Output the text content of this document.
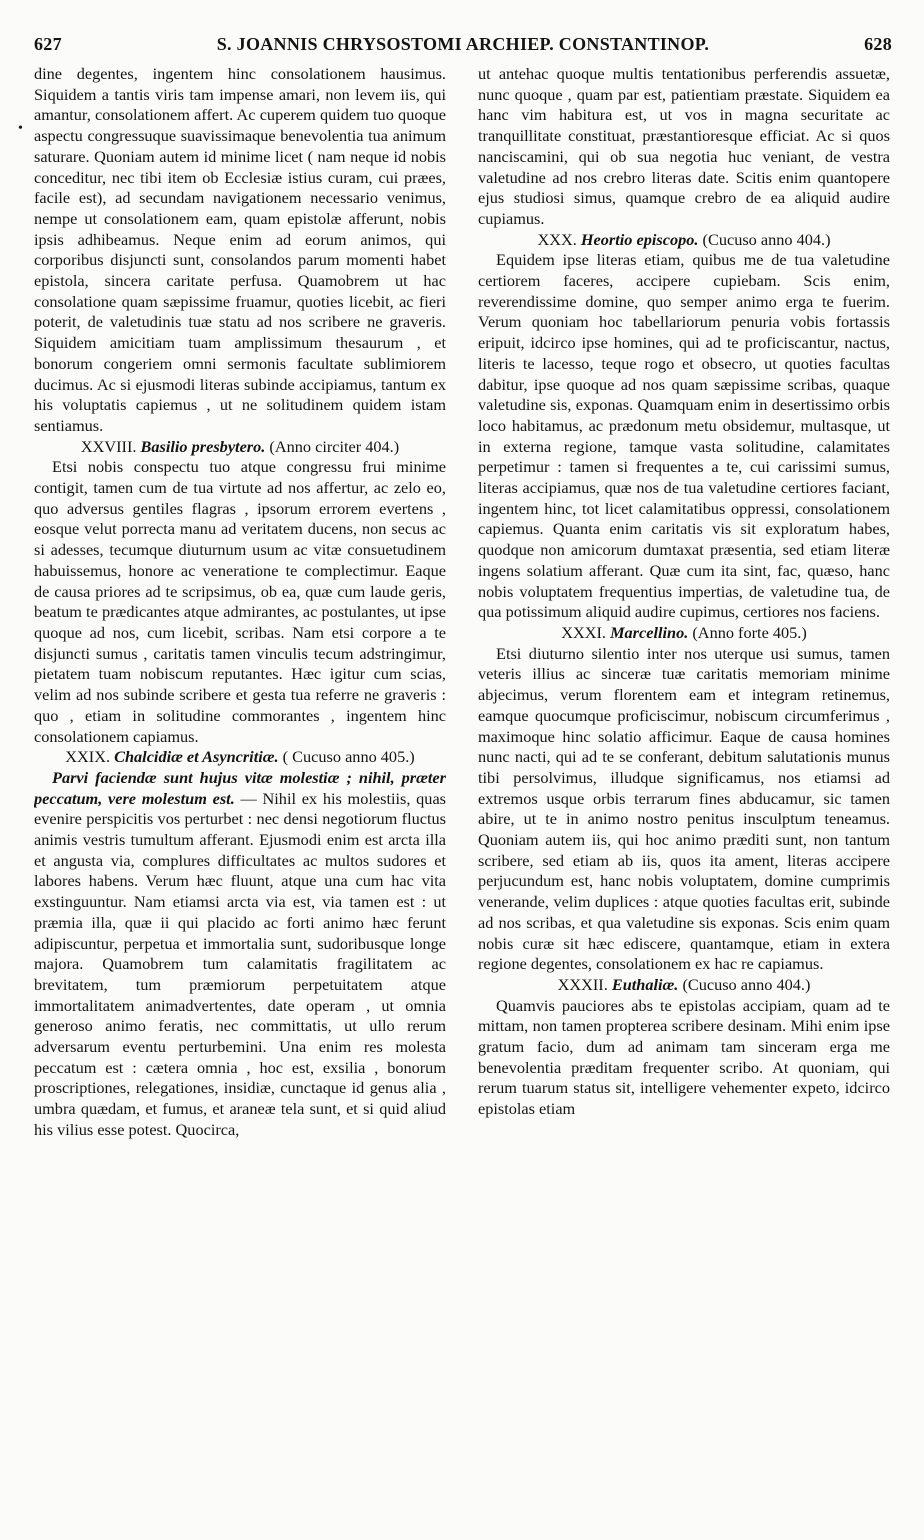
627	S. JOANNIS CHRYSOSTOMI ARCHIEP. CONSTANTINOP.	628
•

dine degentes, ingentem hinc consolationem hausimus. Siquidem a tantis viris tam impense amari, non levem iis, qui amantur, consolationem affert. Ac cuperem quidem tuo quoque aspectu congressuque suavissimaque benevolentia tua animum saturare. Quoniam autem id minime licet ( nam neque id nobis conceditur, nec tibi item ob Ecclesiæ istius curam, cui præes, facile est), ad secundam navigationem necessario venimus, nempe ut consolationem eam, quam epistolæ afferunt, nobis ipsis adhibeamus. Neque enim ad eorum animos, qui corporibus disjuncti sunt, consolandos parum momenti habet epistola, sincera caritate perfusa. Quamobrem ut hac consolatione quam sæpissime fruamur, quoties licebit, ac fieri poterit, de valetudinis tuæ statu ad nos scribere ne graveris. Siquidem amicitiam tuam amplissimum thesaurum , et bonorum congeriem omni sermonis facultate sublimiorem ducimus. Ac si ejusmodi literas subinde accipiamus, tantum ex his voluptatis capiemus , ut ne solitudinem quidem istam sentiamus.

XXVIII. Basilio presbytero. (Anno circiter 404.)

Etsi nobis conspectu tuo atque congressu frui minime contigit, tamen cum de tua virtute ad nos affertur, ac zelo eo, quo adversus gentiles flagras , ipsorum errorem evertens , eosque velut porrecta manu ad veritatem ducens, non secus ac si adesses, tecumque diuturnum usum ac vitæ consuetudinem habuissemus, honore ac veneratione te complectimur. Eaque de causa priores ad te scripsimus, ob ea, quæ cum laude geris, beatum te prædicantes atque admirantes, ac postulantes, ut ipse quoque ad nos, cum licebit, scribas. Nam etsi corpore a te disjuncti sumus , caritatis tamen vinculis tecum adstringimur, pietatem tuam nobiscum reputantes. Hæc igitur cum scias, velim ad nos subinde scribere et gesta tua referre ne graveris : quo , etiam in solitudine commorantes , ingentem hinc consolationem capiamus.

XXIX. Chalcidiæ et Asyncritiæ. ( Cucuso anno 405.)

Parvi faciendæ sunt hujus vitæ molestiæ ; nihil, præter peccatum, vere molestum est. — Nihil ex his molestiis, quas evenire perspicitis vos perturbet : nec densi negotiorum fluctus animis vestris tumultum afferant. Ejusmodi enim est arcta illa et angusta via, complures difficultates ac multos sudores et labores habens. Verum hæc fluunt, atque una cum hac vita exstinguuntur. Nam etiamsi arcta via est, via tamen est : ut præmia illa, quæ ii qui placido ac forti animo hæc ferunt adipiscuntur, perpetua et immortalia sunt, sudoribusque longe majora. Quamobrem tum calamitatis fragilitatem ac brevitatem, tum præmiorum perpetuitatem atque immortalitatem animadvertentes, date operam , ut omnia generoso animo feratis, nec committatis, ut ullo rerum adversarum eventu perturbemini. Una enim res molesta peccatum est : cætera omnia , hoc est, exsilia , bonorum proscriptiones, relegationes, insidiæ, cunctaque id genus alia , umbra quædam, et fumus, et araneæ tela sunt, et si quid aliud his vilius esse potest. Quocirca,

ut antehac quoque multis tentationibus perferendis assuetæ, nunc quoque , quam par est, patientiam præstate. Siquidem ea hanc vim habitura est, ut vos in magna securitate ac tranquillitate constituat, præstantioresque efficiat. Ac si quos nanciscamini, qui ob sua negotia huc veniant, de vestra valetudine ad nos crebro literas date. Scitis enim quantopere ejus studiosi simus, quamque crebro de ea aliquid audire cupiamus.

XXX. Heortio episcopo. (Cucuso anno 404.)

Equidem ipse literas etiam, quibus me de tua valetudine certiorem faceres, accipere cupiebam. Scis enim, reverendissime domine, quo semper animo erga te fuerim. Verum quoniam hoc tabellariorum penuria vobis fortassis eripuit, idcirco ipse homines, qui ad te proficiscantur, nactus, literis te lacesso, teque rogo et obsecro, ut quoties facultas dabitur, ipse quoque ad nos quam sæpissime scribas, quaque valetudine sis, exponas. Quamquam enim in desertissimo orbis loco habitamus, ac prædonum metu obsidemur, multasque, ut in externa regione, tamque vasta solitudine, calamitates perpetimur : tamen si frequentes a te, cui carissimi sumus, literas accipiamus, quæ nos de tua valetudine certiores faciant, ingentem hinc, tot licet calamitatibus oppressi, consolationem capiemus. Quanta enim caritatis vis sit exploratum habes, quodque non amicorum dumtaxat præsentia, sed etiam literæ ingens solatium afferant. Quæ cum ita sint, fac, quæso, hanc nobis voluptatem frequentius impertias, de valetudine tua, de qua potissimum aliquid audire cupimus, certiores nos faciens.

XXXI. Marcellino. (Anno forte 405.)

Etsi diuturno silentio inter nos uterque usi sumus, tamen veteris illius ac sinceræ tuæ caritatis memoriam minime abjecimus, verum florentem eam et integram retinemus, eamque quocumque proficiscimur, nobiscum circumferimus , maximoque hinc solatio afficimur. Eaque de causa homines nunc nacti, qui ad te se conferant, debitum salutationis munus tibi persolvimus, illudque significamus, nos etiamsi ad extremos usque orbis terrarum fines abducamur, sic tamen abire, ut te in animo nostro penitus insculptum teneamus. Quoniam autem iis, qui hoc animo præditi sunt, non tantum scribere, sed etiam ab iis, quos ita ament, literas accipere perjucundum est, hanc nobis voluptatem, domine cumprimis venerande, velim duplices : atque quoties facultas erit, subinde ad nos scribas, et qua valetudine sis exponas. Scis enim quam nobis curæ sit hæc ediscere, quantamque, etiam in extera regione degentes, consolationem ex hac re capiamus.

XXXII. Euthaliæ. (Cucuso anno 404.)

Quamvis pauciores abs te epistolas accipiam, quam ad te mittam, non tamen propterea scribere desinam. Mihi enim ipse gratum facio, dum ad animam tam sinceram erga me benevolentia præditam frequenter scribo. At quoniam, qui rerum tuarum status sit, intelligere vehementer expeto, idcirco epistolas etiam
